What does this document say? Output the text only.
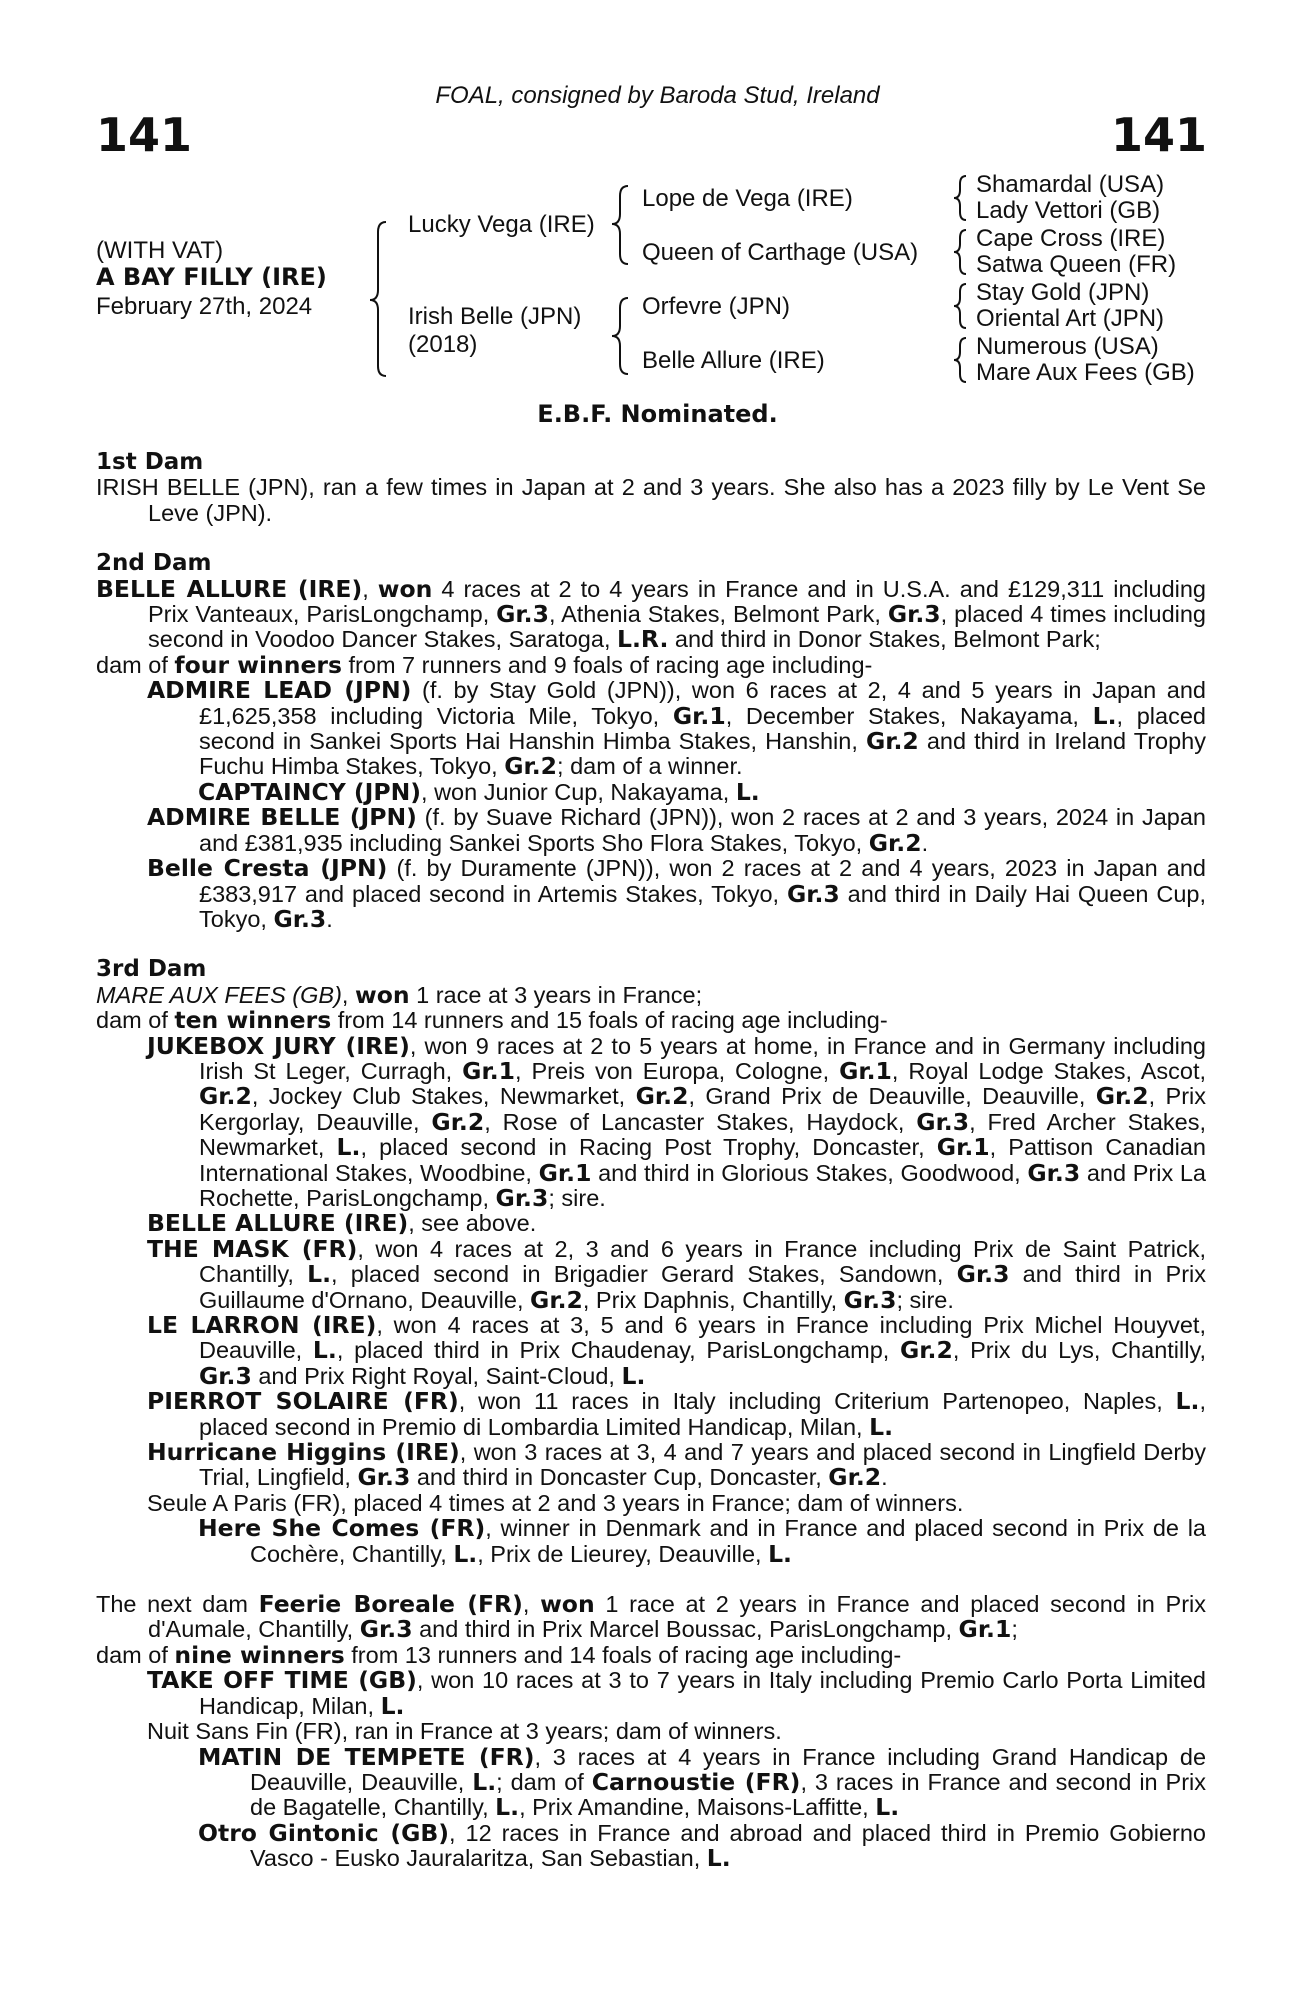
141
FOAL, consigned by Baroda Stud, Ireland
141
(WITH VAT)
A BAY FILLY (IRE)
February 27th, 2024
Lucky Vega (IRE)
Irish Belle (JPN)
(2018)
Lope de Vega (IRE)
Queen of Carthage (USA)
Orfevre (JPN)
Belle Allure (IRE)
Shamardal (USA)
Lady Vettori (GB)
Cape Cross (IRE)
Satwa Queen (FR)
Stay Gold (JPN)
Oriental Art (JPN)
Numerous (USA)
Mare Aux Fees (GB)
E.B.F. Nominated.
1st Dam

IRISH BELLE (JPN), ran a few times in Japan at 2 and 3 years. She also has a 2023 filly by Le Vent Se Leve (JPN).

2nd Dam

BELLE ALLURE (IRE), won 4 races at 2 to 4 years in France and in U.S.A. and £129,311 including Prix Vanteaux, ParisLongchamp, Gr.3, Athenia Stakes, Belmont Park, Gr.3, placed 4 times including second in Voodoo Dancer Stakes, Saratoga, L.R. and third in Donor Stakes, Belmont Park;

dam of four winners from 7 runners and 9 foals of racing age including-

ADMIRE LEAD (JPN) (f. by Stay Gold (JPN)), won 6 races at 2, 4 and 5 years in Japan and £1,625,358 including Victoria Mile, Tokyo, Gr.1, December Stakes, Nakayama, L., placed second in Sankei Sports Hai Hanshin Himba Stakes, Hanshin, Gr.2 and third in Ireland Trophy Fuchu Himba Stakes, Tokyo, Gr.2; dam of a winner.

CAPTAINCY (JPN), won Junior Cup, Nakayama, L.

ADMIRE BELLE (JPN) (f. by Suave Richard (JPN)), won 2 races at 2 and 3 years, 2024 in Japan and £381,935 including Sankei Sports Sho Flora Stakes, Tokyo, Gr.2.

Belle Cresta (JPN) (f. by Duramente (JPN)), won 2 races at 2 and 4 years, 2023 in Japan and £383,917 and placed second in Artemis Stakes, Tokyo, Gr.3 and third in Daily Hai Queen Cup, Tokyo, Gr.3.

3rd Dam

MARE AUX FEES (GB), won 1 race at 3 years in France;

dam of ten winners from 14 runners and 15 foals of racing age including-

JUKEBOX JURY (IRE), won 9 races at 2 to 5 years at home, in France and in Germany including Irish St Leger, Curragh, Gr.1, Preis von Europa, Cologne, Gr.1, Royal Lodge Stakes, Ascot, Gr.2, Jockey Club Stakes, Newmarket, Gr.2, Grand Prix de Deauville, Deauville, Gr.2, Prix Kergorlay, Deauville, Gr.2, Rose of Lancaster Stakes, Haydock, Gr.3, Fred Archer Stakes, Newmarket, L., placed second in Racing Post Trophy, Doncaster, Gr.1, Pattison Canadian International Stakes, Woodbine, Gr.1 and third in Glorious Stakes, Goodwood, Gr.3 and Prix La Rochette, ParisLongchamp, Gr.3; sire.

BELLE ALLURE (IRE), see above.

THE MASK (FR), won 4 races at 2, 3 and 6 years in France including Prix de Saint Patrick, Chantilly, L., placed second in Brigadier Gerard Stakes, Sandown, Gr.3 and third in Prix Guillaume d'Ornano, Deauville, Gr.2, Prix Daphnis, Chantilly, Gr.3; sire.

LE LARRON (IRE), won 4 races at 3, 5 and 6 years in France including Prix Michel Houyvet, Deauville, L., placed third in Prix Chaudenay, ParisLongchamp, Gr.2, Prix du Lys, Chantilly, Gr.3 and Prix Right Royal, Saint-Cloud, L.

PIERROT SOLAIRE (FR), won 11 races in Italy including Criterium Partenopeo, Naples, L., placed second in Premio di Lombardia Limited Handicap, Milan, L.

Hurricane Higgins (IRE), won 3 races at 3, 4 and 7 years and placed second in Lingfield Derby Trial, Lingfield, Gr.3 and third in Doncaster Cup, Doncaster, Gr.2.

Seule A Paris (FR), placed 4 times at 2 and 3 years in France; dam of winners.

Here She Comes (FR), winner in Denmark and in France and placed second in Prix de la Cochère, Chantilly, L., Prix de Lieurey, Deauville, L.

The next dam Feerie Boreale (FR), won 1 race at 2 years in France and placed second in Prix d'Aumale, Chantilly, Gr.3 and third in Prix Marcel Boussac, ParisLongchamp, Gr.1;

dam of nine winners from 13 runners and 14 foals of racing age including-

TAKE OFF TIME (GB), won 10 races at 3 to 7 years in Italy including Premio Carlo Porta Limited Handicap, Milan, L.

Nuit Sans Fin (FR), ran in France at 3 years; dam of winners.

MATIN DE TEMPETE (FR), 3 races at 4 years in France including Grand Handicap de Deauville, Deauville, L.; dam of Carnoustie (FR), 3 races in France and second in Prix de Bagatelle, Chantilly, L., Prix Amandine, Maisons-Laffitte, L.

Otro Gintonic (GB), 12 races in France and abroad and placed third in Premio Gobierno Vasco - Eusko Jauralaritza, San Sebastian, L.
